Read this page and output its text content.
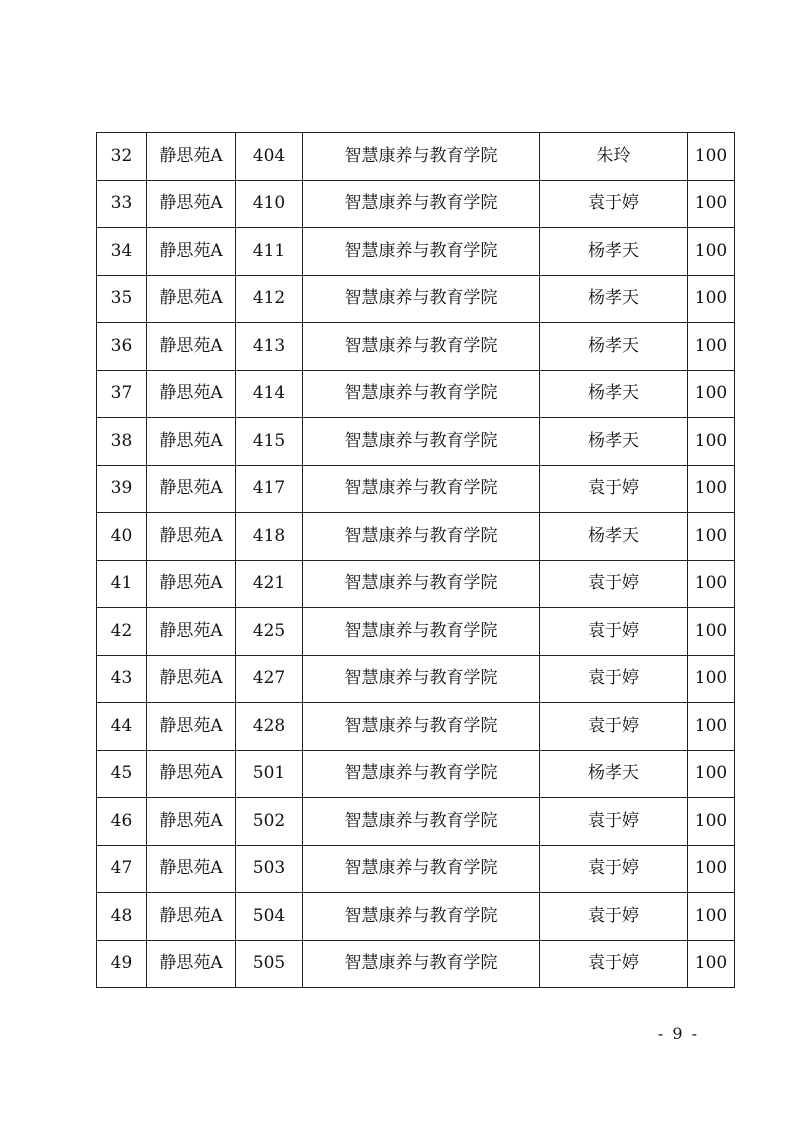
32	静思苑A	404	智慧康养与教育学院	朱玲	100
33	静思苑A	410	智慧康养与教育学院	袁于婷	100
34	静思苑A	411	智慧康养与教育学院	杨孝天	100
35	静思苑A	412	智慧康养与教育学院	杨孝天	100
36	静思苑A	413	智慧康养与教育学院	杨孝天	100
37	静思苑A	414	智慧康养与教育学院	杨孝天	100
38	静思苑A	415	智慧康养与教育学院	杨孝天	100
39	静思苑A	417	智慧康养与教育学院	袁于婷	100
40	静思苑A	418	智慧康养与教育学院	杨孝天	100
41	静思苑A	421	智慧康养与教育学院	袁于婷	100
42	静思苑A	425	智慧康养与教育学院	袁于婷	100
43	静思苑A	427	智慧康养与教育学院	袁于婷	100
44	静思苑A	428	智慧康养与教育学院	袁于婷	100
45	静思苑A	501	智慧康养与教育学院	杨孝天	100
46	静思苑A	502	智慧康养与教育学院	袁于婷	100
47	静思苑A	503	智慧康养与教育学院	袁于婷	100
48	静思苑A	504	智慧康养与教育学院	袁于婷	100
49	静思苑A	505	智慧康养与教育学院	袁于婷	100
- 9 -
